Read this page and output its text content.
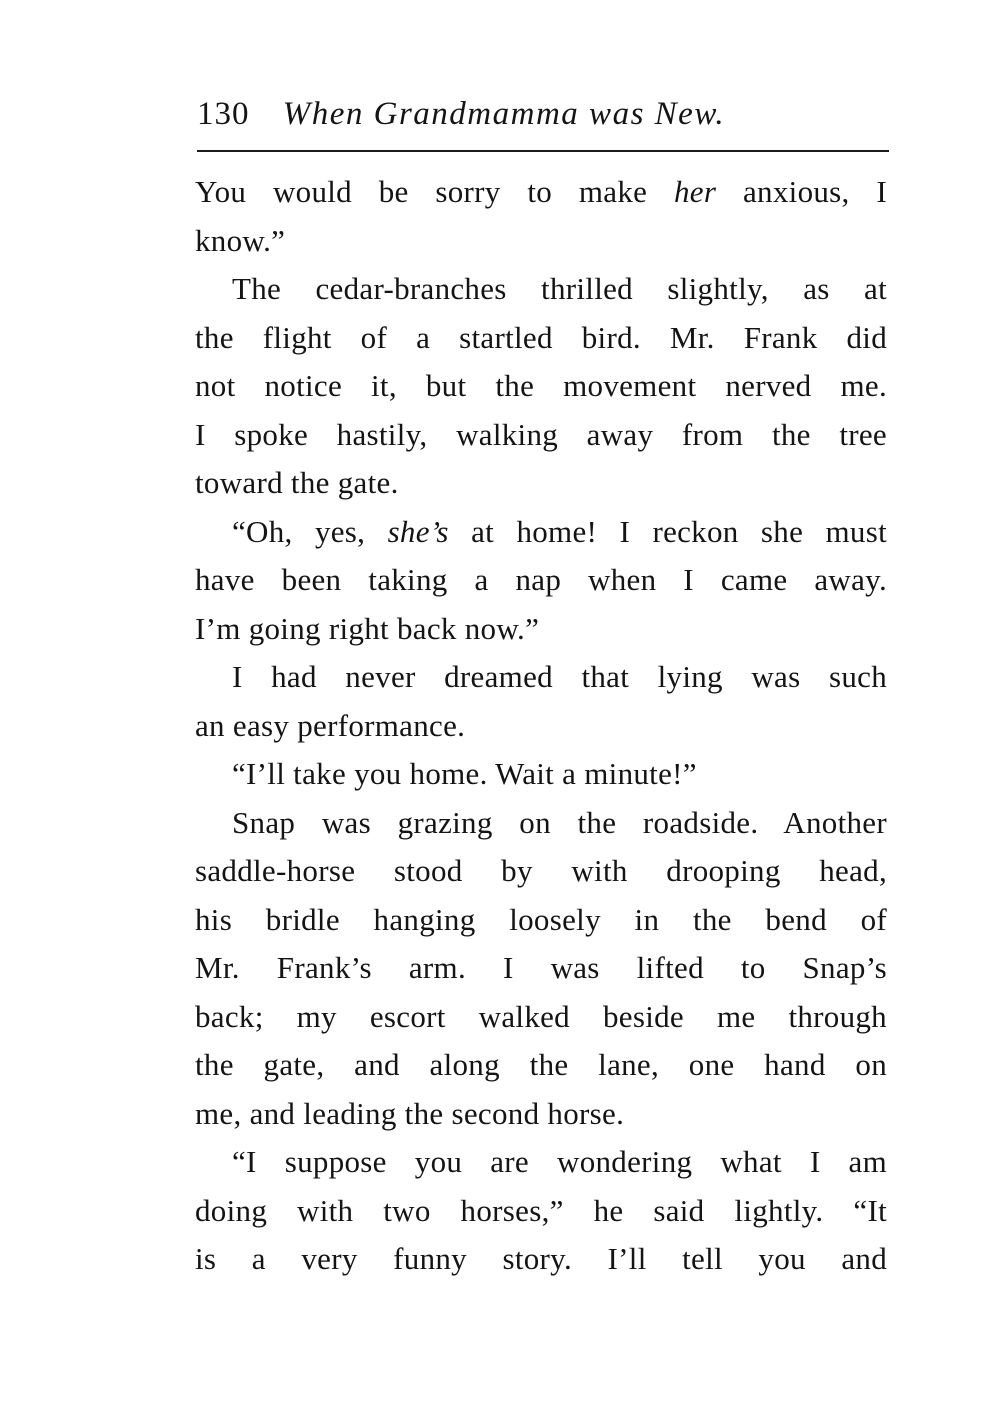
130 When Grandmamma was New.
You would be sorry to make her anxious, I
know.”
The cedar-branches thrilled slightly, as at
the flight of a startled bird. Mr. Frank did
not notice it, but the movement nerved me.
I spoke hastily, walking away from the tree
toward the gate.
“Oh, yes, she’s at home! I reckon she must
have been taking a nap when I came away.
I’m going right back now.”
I had never dreamed that lying was such
an easy performance.
“I’ll take you home. Wait a minute!”
Snap was grazing on the roadside. Another
saddle-horse stood by with drooping head,
his bridle hanging loosely in the bend of
Mr. Frank’s arm. I was lifted to Snap’s
back; my escort walked beside me through
the gate, and along the lane, one hand on
me, and leading the second horse.
“I suppose you are wondering what I am
doing with two horses,” he said lightly. “It
is a very funny story. I’ll tell you and
